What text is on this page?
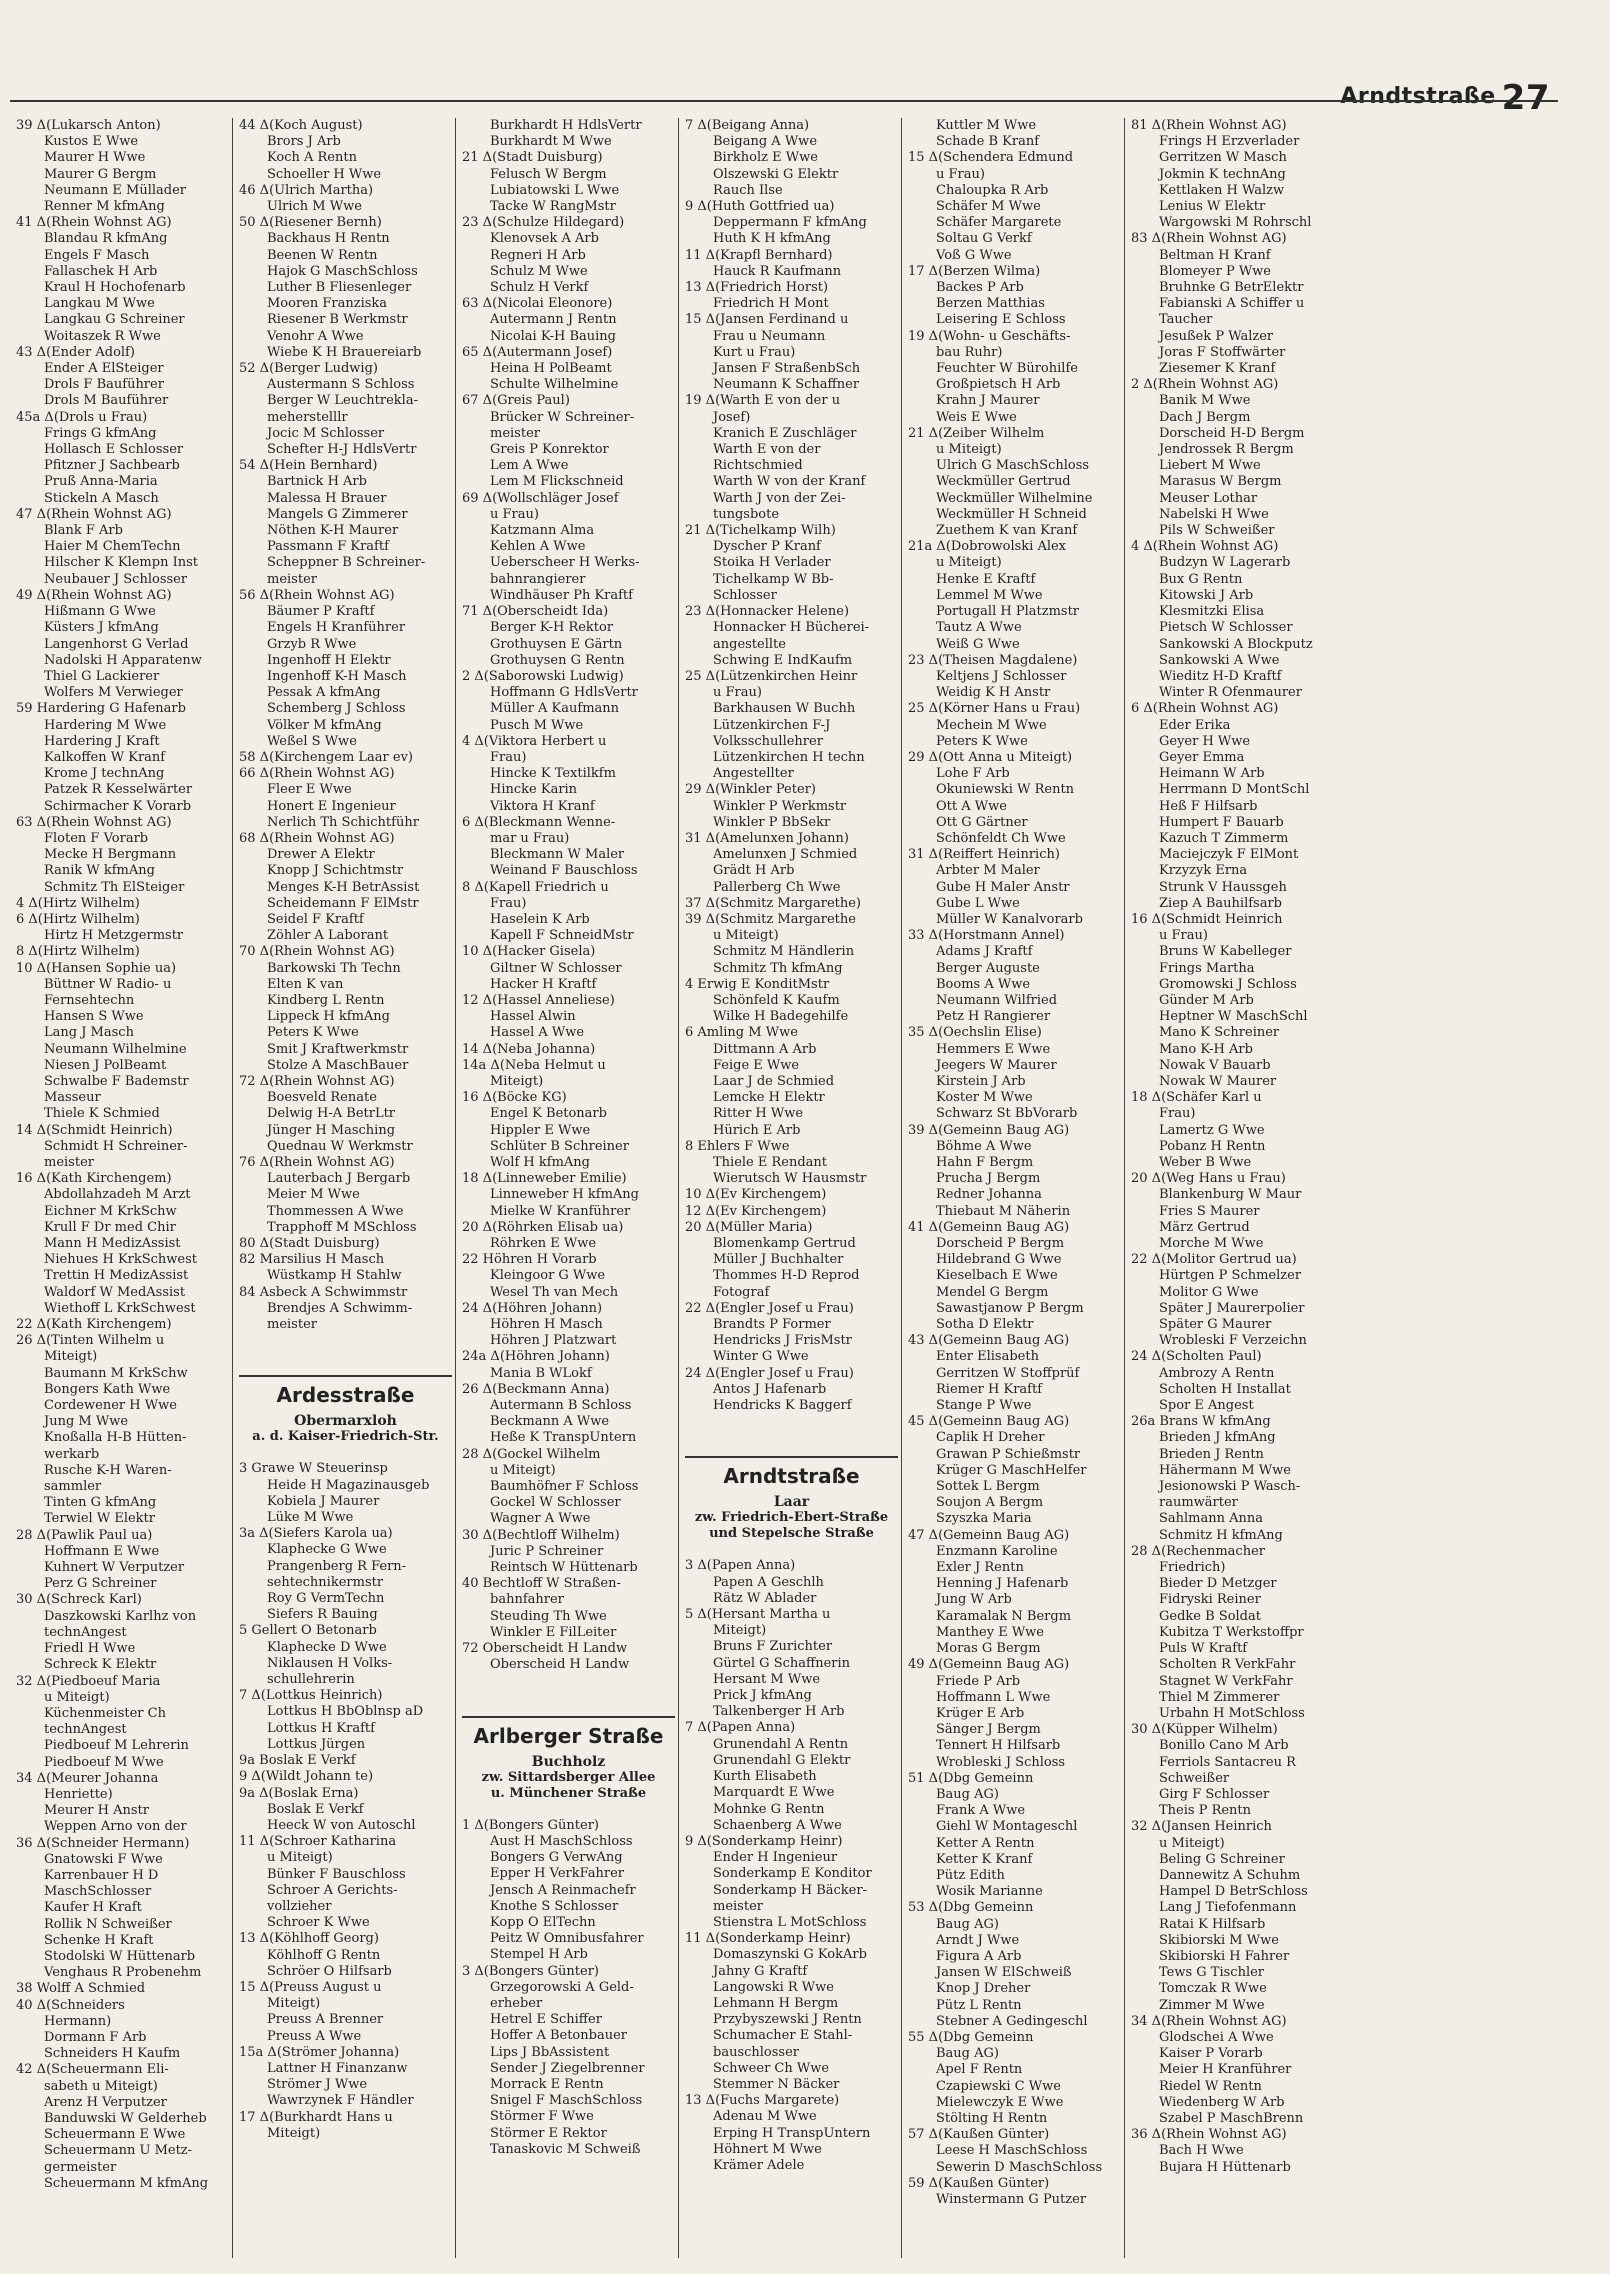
Arndtstraße 27
39 Δ(Lukarsch Anton)
Kustos E Wwe
Maurer H Wwe
Maurer G Bergm
Neumann E Müllader
Renner M kfmAng
41 Δ(Rhein Wohnst AG)
Blandau R kfmAng
Engels F Masch
Fallaschek H Arb
Kraul H Hochofenarb
Langkau M Wwe
Langkau G Schreiner
Woitaszek R Wwe
43 Δ(Ender Adolf)
Ender A ElSteiger
Drols F Bauführer
Drols M Bauführer
45a Δ(Drols u Frau)
Frings G kfmAng
Hollasch E Schlosser
Pfitzner J Sachbearb
Pruß Anna-Maria
Stickeln A Masch
47 Δ(Rhein Wohnst AG)
Blank F Arb
Haier M ChemTechn
Hilscher K Klempn Inst
Neubauer J Schlosser
49 Δ(Rhein Wohnst AG)
Hißmann G Wwe
Küsters J kfmAng
Langenhorst G Verlad
Nadolski H Apparatenw
Thiel G Lackierer
Wolfers M Verwieger
59 Hardering G Hafenarb
Hardering M Wwe
Hardering J Kraft
Kalkoffen W Kranf
Krome J technAng
Patzek R Kesselwärter
Schirmacher K Vorarb
63 Δ(Rhein Wohnst AG)
Floten F Vorarb
Mecke H Bergmann
Ranik W kfmAng
Schmitz Th ElSteiger
4 Δ(Hirtz Wilhelm)
6 Δ(Hirtz Wilhelm)
Hirtz H Metzgermstr
8 Δ(Hirtz Wilhelm)
10 Δ(Hansen Sophie ua)
Büttner W Radio- u
Fernsehtechn
Hansen S Wwe
Lang J Masch
Neumann Wilhelmine
Niesen J PolBeamt
Schwalbe F Bademstr
Masseur
Thiele K Schmied
14 Δ(Schmidt Heinrich)
Schmidt H Schreiner-
meister
16 Δ(Kath Kirchengem)
Abdollahzadeh M Arzt
Eichner M KrkSchw
Krull F Dr med Chir
Mann H MedizAssist
Niehues H KrkSchwest
Trettin H MedizAssist
Waldorf W MedAssist
Wiethoff L KrkSchwest
22 Δ(Kath Kirchengem)
26 Δ(Tinten Wilhelm u
Miteigt)
Baumann M KrkSchw
Bongers Kath Wwe
Cordewener H Wwe
Jung M Wwe
Knoßalla H-B Hütten-
werkarb
Rusche K-H Waren-
sammler
Tinten G kfmAng
Terwiel W Elektr
28 Δ(Pawlik Paul ua)
Hoffmann E Wwe
Kuhnert W Verputzer
Perz G Schreiner
30 Δ(Schreck Karl)
Daszkowski Karlhz von
technAngest
Friedl H Wwe
Schreck K Elektr
32 Δ(Piedboeuf Maria
u Miteigt)
Küchenmeister Ch
technAngest
Piedboeuf M Lehrerin
Piedboeuf M Wwe
34 Δ(Meurer Johanna
Henriette)
Meurer H Anstr
Weppen Arno von der
36 Δ(Schneider Hermann)
Gnatowski F Wwe
Karrenbauer H D
MaschSchlosser
Kaufer H Kraft
Rollik N Schweißer
Schenke H Kraft
Stodolski W Hüttenarb
Venghaus R Probenehm
38 Wolff A Schmied
40 Δ(Schneiders
Hermann)
Dormann F Arb
Schneiders H Kaufm
42 Δ(Scheuermann Eli-
sabeth u Miteigt)
Arenz H Verputzer
Banduwski W Gelderheb
Scheuermann E Wwe
Scheuermann U Metz-
germeister
Scheuermann M kfmAng
44 Δ(Koch August)
Brors J Arb
Koch A Rentn
Schoeller H Wwe
46 Δ(Ulrich Martha)
Ulrich M Wwe
50 Δ(Riesener Bernh)
Backhaus H Rentn
Beenen W Rentn
Hajok G MaschSchloss
Luther B Fliesenleger
Mooren Franziska
Riesener B Werkmstr
Venohr A Wwe
Wiebe K H Brauereiarb
52 Δ(Berger Ludwig)
Austermann S Schloss
Berger W Leuchtrekla-
meherstelllr
Jocic M Schlosser
Schefter H-J HdlsVertr
54 Δ(Hein Bernhard)
Bartnick H Arb
Malessa H Brauer
Mangels G Zimmerer
Nöthen K-H Maurer
Passmann F Kraftf
Scheppner B Schreiner-
meister
56 Δ(Rhein Wohnst AG)
Bäumer P Kraftf
Engels H Kranführer
Grzyb R Wwe
Ingenhoff H Elektr
Ingenhoff K-H Masch
Pessak A kfmAng
Schemberg J Schloss
Völker M kfmAng
Weßel S Wwe
58 Δ(Kirchengem Laar ev)
66 Δ(Rhein Wohnst AG)
Fleer E Wwe
Honert E Ingenieur
Nerlich Th Schichtführ
68 Δ(Rhein Wohnst AG)
Drewer A Elektr
Knopp J Schichtmstr
Menges K-H BetrAssist
Scheidemann F ElMstr
Seidel F Kraftf
Zöhler A Laborant
70 Δ(Rhein Wohnst AG)
Barkowski Th Techn
Elten K van
Kindberg L Rentn
Lippeck H kfmAng
Peters K Wwe
Smit J Kraftwerkmstr
Stolze A MaschBauer
72 Δ(Rhein Wohnst AG)
Boesveld Renate
Delwig H-A BetrLtr
Jünger H Masching
Quednau W Werkmstr
76 Δ(Rhein Wohnst AG)
Lauterbach J Bergarb
Meier M Wwe
Thommessen A Wwe
Trapphoff M MSchloss
80 Δ(Stadt Duisburg)
82 Marsilius H Masch
Wüstkamp H Stahlw
84 Asbeck A Schwimmstr
Brendjes A Schwimm-
meister

Ardesstraße
Obermarxloh
a. d. Kaiser-Friedrich-Str.
3 Grawe W Steuerinsp
Heide H Magazinausgeb
Kobiela J Maurer
Lüke M Wwe
3a Δ(Siefers Karola ua)
Klaphecke G Wwe
Prangenberg R Fern-
sehtechnikermstr
Roy G VermTechn
Siefers R Bauing
5 Gellert O Betonarb
Klaphecke D Wwe
Niklausen H Volks-
schullehrerin
7 Δ(Lottkus Heinrich)
Lottkus H BbOblnsp aD
Lottkus H Kraftf
Lottkus Jürgen
9a Boslak E Verkf
9 Δ(Wildt Johann te)
9a Δ(Boslak Erna)
Boslak E Verkf
Heeck W von Autoschl
11 Δ(Schroer Katharina
u Miteigt)
Bünker F Bauschloss
Schroer A Gerichts-
vollzieher
Schroer K Wwe
13 Δ(Köhlhoff Georg)
Köhlhoff G Rentn
Schröer O Hilfsarb
15 Δ(Preuss August u
Miteigt)
Preuss A Brenner
Preuss A Wwe
15a Δ(Strömer Johanna)
Lattner H Finanzanw
Strömer J Wwe
Wawrzynek F Händler
17 Δ(Burkhardt Hans u
Miteigt)
Burkhardt H HdlsVertr
Burkhardt M Wwe
21 Δ(Stadt Duisburg)
Felusch W Bergm
Lubiatowski L Wwe
Tacke W RangMstr
23 Δ(Schulze Hildegard)
Klenovsek A Arb
Regneri H Arb
Schulz M Wwe
Schulz H Verkf
63 Δ(Nicolai Eleonore)
Autermann J Rentn
Nicolai K-H Bauing
65 Δ(Autermann Josef)
Heina H PolBeamt
Schulte Wilhelmine
67 Δ(Greis Paul)
Brücker W Schreiner-
meister
Greis P Konrektor
Lem A Wwe
Lem M Flickschneid
69 Δ(Wollschläger Josef
u Frau)
Katzmann Alma
Kehlen A Wwe
Ueberscheer H Werks-
bahnrangierer
Windhäuser Ph Kraftf
71 Δ(Oberscheidt Ida)
Berger K-H Rektor
Grothuysen E Gärtn
Grothuysen G Rentn
2 Δ(Saborowski Ludwig)
Hoffmann G HdlsVertr
Müller A Kaufmann
Pusch M Wwe
4 Δ(Viktora Herbert u
Frau)
Hincke K Textilkfm
Hincke Karin
Viktora H Kranf
6 Δ(Bleckmann Wenne-
mar u Frau)
Bleckmann W Maler
Weinand F Bauschloss
8 Δ(Kapell Friedrich u
Frau)
Haselein K Arb
Kapell F SchneidMstr
10 Δ(Hacker Gisela)
Giltner W Schlosser
Hacker H Kraftf
12 Δ(Hassel Anneliese)
Hassel Alwin
Hassel A Wwe
14 Δ(Neba Johanna)
14a Δ(Neba Helmut u
Miteigt)
16 Δ(Böcke KG)
Engel K Betonarb
Hippler E Wwe
Schlüter B Schreiner
Wolf H kfmAng
18 Δ(Linneweber Emilie)
Linneweber H kfmAng
Mielke W Kranführer
20 Δ(Röhrken Elisab ua)
Röhrken E Wwe
22 Höhren H Vorarb
Kleingoor G Wwe
Wesel Th van Mech
24 Δ(Höhren Johann)
Höhren H Masch
Höhren J Platzwart
24a Δ(Höhren Johann)
Mania B WLokf
26 Δ(Beckmann Anna)
Autermann B Schloss
Beckmann A Wwe
Heße K TranspUntern
28 Δ(Gockel Wilhelm
u Miteigt)
Baumhöfner F Schloss
Gockel W Schlosser
Wagner A Wwe
30 Δ(Bechtloff Wilhelm)
Juric P Schreiner
Reintsch W Hüttenarb
40 Bechtloff W Straßen-
bahnfahrer
Steuding Th Wwe
Winkler E FilLeiter
72 Oberscheidt H Landw
Oberscheid H Landw

Arlberger Straße
Buchholz
zw. Sittardsberger Allee
u. Münchener Straße
1 Δ(Bongers Günter)
Aust H MaschSchloss
Bongers G VerwAng
Epper H VerkFahrer
Jensch A Reinmachefr
Knothe S Schlosser
Kopp O ElTechn
Peitz W Omnibusfahrer
Stempel H Arb
3 Δ(Bongers Günter)
Grzegorowski A Geld-
erheber
Hetrel E Schiffer
Hoffer A Betonbauer
Lips J BbAssistent
Sender J Ziegelbrenner
Morrack E Rentn
Snigel F MaschSchloss
Störmer F Wwe
Störmer E Rektor
Tanaskovic M Schweiß
7 Δ(Beigang Anna)
Beigang A Wwe
Birkholz E Wwe
Olszewski G Elektr
Rauch Ilse
9 Δ(Huth Gottfried ua)
Deppermann F kfmAng
Huth K H kfmAng
11 Δ(Krapfl Bernhard)
Hauck R Kaufmann
13 Δ(Friedrich Horst)
Friedrich H Mont
15 Δ(Jansen Ferdinand u
Frau u Neumann
Kurt u Frau)
Jansen F StraßenbSch
Neumann K Schaffner
19 Δ(Warth E von der u
Josef)
Kranich E Zuschläger
Warth E von der
Richtschmied
Warth W von der Kranf
Warth J von der Zei-
tungsbote
21 Δ(Tichelkamp Wilh)
Dyscher P Kranf
Stoika H Verlader
Tichelkamp W Bb-
Schlosser
23 Δ(Honnacker Helene)
Honnacker H Bücherei-
angestellte
Schwing E IndKaufm
25 Δ(Lützenkirchen Heinr
u Frau)
Barkhausen W Buchh
Lützenkirchen F-J
Volksschullehrer
Lützenkirchen H techn
Angestellter
29 Δ(Winkler Peter)
Winkler P Werkmstr
Winkler P BbSekr
31 Δ(Amelunxen Johann)
Amelunxen J Schmied
Grädt H Arb
Pallerberg Ch Wwe
37 Δ(Schmitz Margarethe)
39 Δ(Schmitz Margarethe
u Miteigt)
Schmitz M Händlerin
Schmitz Th kfmAng
4 Erwig E KonditMstr
Schönfeld K Kaufm
Wilke H Badegehilfe
6 Amling M Wwe
Dittmann A Arb
Feige E Wwe
Laar J de Schmied
Lemcke H Elektr
Ritter H Wwe
Hürich E Arb
8 Ehlers F Wwe
Thiele E Rendant
Wierutsch W Hausmstr
10 Δ(Ev Kirchengem)
12 Δ(Ev Kirchengem)
20 Δ(Müller Maria)
Blomenkamp Gertrud
Müller J Buchhalter
Thommes H-D Reprod
Fotograf
22 Δ(Engler Josef u Frau)
Brandts P Former
Hendricks J FrisMstr
Winter G Wwe
24 Δ(Engler Josef u Frau)
Antos J Hafenarb
Hendricks K Baggerf

Arndtstraße
Laar
zw. Friedrich-Ebert-Straße
und Stepelsche Straße
3 Δ(Papen Anna)
Papen A Geschlh
Rätz W Ablader
5 Δ(Hersant Martha u
Miteigt)
Bruns F Zurichter
Gürtel G Schaffnerin
Hersant M Wwe
Prick J kfmAng
Talkenberger H Arb
7 Δ(Papen Anna)
Grunendahl A Rentn
Grunendahl G Elektr
Kurth Elisabeth
Marquardt E Wwe
Mohnke G Rentn
Schaenberg A Wwe
9 Δ(Sonderkamp Heinr)
Ender H Ingenieur
Sonderkamp E Konditor
Sonderkamp H Bäcker-
meister
Stienstra L MotSchloss
11 Δ(Sonderkamp Heinr)
Domaszynski G KokArb
Jahny G Kraftf
Langowski R Wwe
Lehmann H Bergm
Przybyszewski J Rentn
Schumacher E Stahl-
bauschlosser
Schweer Ch Wwe
Stemmer N Bäcker
13 Δ(Fuchs Margarete)
Adenau M Wwe
Erping H TranspUntern
Höhnert M Wwe
Krämer Adele
Kuttler M Wwe
Schade B Kranf
15 Δ(Schendera Edmund
u Frau)
Chaloupka R Arb
Schäfer M Wwe
Schäfer Margarete
Soltau G Verkf
Voß G Wwe
17 Δ(Berzen Wilma)
Backes P Arb
Berzen Matthias
Leisering E Schloss
19 Δ(Wohn- u Geschäfts-
bau Ruhr)
Feuchter W Bürohilfe
Großpietsch H Arb
Krahn J Maurer
Weis E Wwe
21 Δ(Zeiber Wilhelm
u Miteigt)
Ulrich G MaschSchloss
Weckmüller Gertrud
Weckmüller Wilhelmine
Weckmüller H Schneid
Zuethem K van Kranf
21a Δ(Dobrowolski Alex
u Miteigt)
Henke E Kraftf
Lemmel M Wwe
Portugall H Platzmstr
Tautz A Wwe
Weiß G Wwe
23 Δ(Theisen Magdalene)
Keltjens J Schlosser
Weidig K H Anstr
25 Δ(Körner Hans u Frau)
Mechein M Wwe
Peters K Wwe
29 Δ(Ott Anna u Miteigt)
Lohe F Arb
Okuniewski W Rentn
Ott A Wwe
Ott G Gärtner
Schönfeldt Ch Wwe
31 Δ(Reiffert Heinrich)
Arbter M Maler
Gube H Maler Anstr
Gube L Wwe
Müller W Kanalvorarb
33 Δ(Horstmann Annel)
Adams J Kraftf
Berger Auguste
Booms A Wwe
Neumann Wilfried
Petz H Rangierer
35 Δ(Oechslin Elise)
Hemmers E Wwe
Jeegers W Maurer
Kirstein J Arb
Koster M Wwe
Schwarz St BbVorarb
39 Δ(Gemeinn Baug AG)
Böhme A Wwe
Hahn F Bergm
Prucha J Bergm
Redner Johanna
Thiebaut M Näherin
41 Δ(Gemeinn Baug AG)
Dorscheid P Bergm
Hildebrand G Wwe
Kieselbach E Wwe
Mendel G Bergm
Sawastjanow P Bergm
Sotha D Elektr
43 Δ(Gemeinn Baug AG)
Enter Elisabeth
Gerritzen W Stoffprüf
Riemer H Kraftf
Stange P Wwe
45 Δ(Gemeinn Baug AG)
Caplik H Dreher
Grawan P Schießmstr
Krüger G MaschHelfer
Sottek L Bergm
Soujon A Bergm
Szyszka Maria
47 Δ(Gemeinn Baug AG)
Enzmann Karoline
Exler J Rentn
Henning J Hafenarb
Jung W Arb
Karamalak N Bergm
Manthey E Wwe
Moras G Bergm
49 Δ(Gemeinn Baug AG)
Friede P Arb
Hoffmann L Wwe
Krüger E Arb
Sänger J Bergm
Tennert H Hilfsarb
Wrobleski J Schloss
51 Δ(Dbg Gemeinn
Baug AG)
Frank A Wwe
Giehl W Montageschl
Ketter A Rentn
Ketter K Kranf
Pütz Edith
Wosik Marianne
53 Δ(Dbg Gemeinn
Baug AG)
Arndt J Wwe
Figura A Arb
Jansen W ElSchweiß
Knop J Dreher
Pütz L Rentn
Stebner A Gedingeschl
55 Δ(Dbg Gemeinn
Baug AG)
Apel F Rentn
Czapiewski C Wwe
Mielewczyk E Wwe
Stölting H Rentn
57 Δ(Kaußen Günter)
Leese H MaschSchloss
Sewerin D MaschSchloss
59 Δ(Kaußen Günter)
Winstermann G Putzer
81 Δ(Rhein Wohnst AG)
Frings H Erzverlader
Gerritzen W Masch
Jokmin K technAng
Kettlaken H Walzw
Lenius W Elektr
Wargowski M Rohrschl
83 Δ(Rhein Wohnst AG)
Beltman H Kranf
Blomeyer P Wwe
Bruhnke G BetrElektr
Fabianski A Schiffer u
Taucher
Jesußek P Walzer
Joras F Stoffwärter
Ziesemer K Kranf
2 Δ(Rhein Wohnst AG)
Banik M Wwe
Dach J Bergm
Dorscheid H-D Bergm
Jendrossek R Bergm
Liebert M Wwe
Marasus W Bergm
Meuser Lothar
Nabelski H Wwe
Pils W Schweißer
4 Δ(Rhein Wohnst AG)
Budzyn W Lagerarb
Bux G Rentn
Kitowski J Arb
Klesmitzki Elisa
Pietsch W Schlosser
Sankowski A Blockputz
Sankowski A Wwe
Wieditz H-D Kraftf
Winter R Ofenmaurer
6 Δ(Rhein Wohnst AG)
Eder Erika
Geyer H Wwe
Geyer Emma
Heimann W Arb
Herrmann D MontSchl
Heß F Hilfsarb
Humpert F Bauarb
Kazuch T Zimmerm
Maciejczyk F ElMont
Krzyzyk Erna
Strunk V Haussgeh
Ziep A Bauhilfsarb
16 Δ(Schmidt Heinrich
u Frau)
Bruns W Kabelleger
Frings Martha
Gromowski J Schloss
Günder M Arb
Heptner W MaschSchl
Mano K Schreiner
Mano K-H Arb
Nowak V Bauarb
Nowak W Maurer
18 Δ(Schäfer Karl u
Frau)
Lamertz G Wwe
Pobanz H Rentn
Weber B Wwe
20 Δ(Weg Hans u Frau)
Blankenburg W Maur
Fries S Maurer
März Gertrud
Morche M Wwe
22 Δ(Molitor Gertrud ua)
Hürtgen P Schmelzer
Molitor G Wwe
Später J Maurerpolier
Später G Maurer
Wrobleski F Verzeichn
24 Δ(Scholten Paul)
Ambrozy A Rentn
Scholten H Installat
Spor E Angest
26a Brans W kfmAng
Brieden J kfmAng
Brieden J Rentn
Hähermann M Wwe
Jesionowski P Wasch-
raumwärter
Sahlmann Anna
Schmitz H kfmAng
28 Δ(Rechenmacher
Friedrich)
Bieder D Metzger
Fidryski Reiner
Gedke B Soldat
Kubitza T Werkstoffpr
Puls W Kraftf
Scholten R VerkFahr
Stagnet W VerkFahr
Thiel M Zimmerer
Urbahn H MotSchloss
30 Δ(Küpper Wilhelm)
Bonillo Cano M Arb
Ferriols Santacreu R
Schweißer
Girg F Schlosser
Theis P Rentn
32 Δ(Jansen Heinrich
u Miteigt)
Beling G Schreiner
Dannewitz A Schuhm
Hampel D BetrSchloss
Lang J Tiefofenmann
Ratai K Hilfsarb
Skibiorski M Wwe
Skibiorski H Fahrer
Tews G Tischler
Tomczak R Wwe
Zimmer M Wwe
34 Δ(Rhein Wohnst AG)
Glodschei A Wwe
Kaiser P Vorarb
Meier H Kranführer
Riedel W Rentn
Wiedenberg W Arb
Szabel P MaschBrenn
36 Δ(Rhein Wohnst AG)
Bach H Wwe
Bujara H Hüttenarb
